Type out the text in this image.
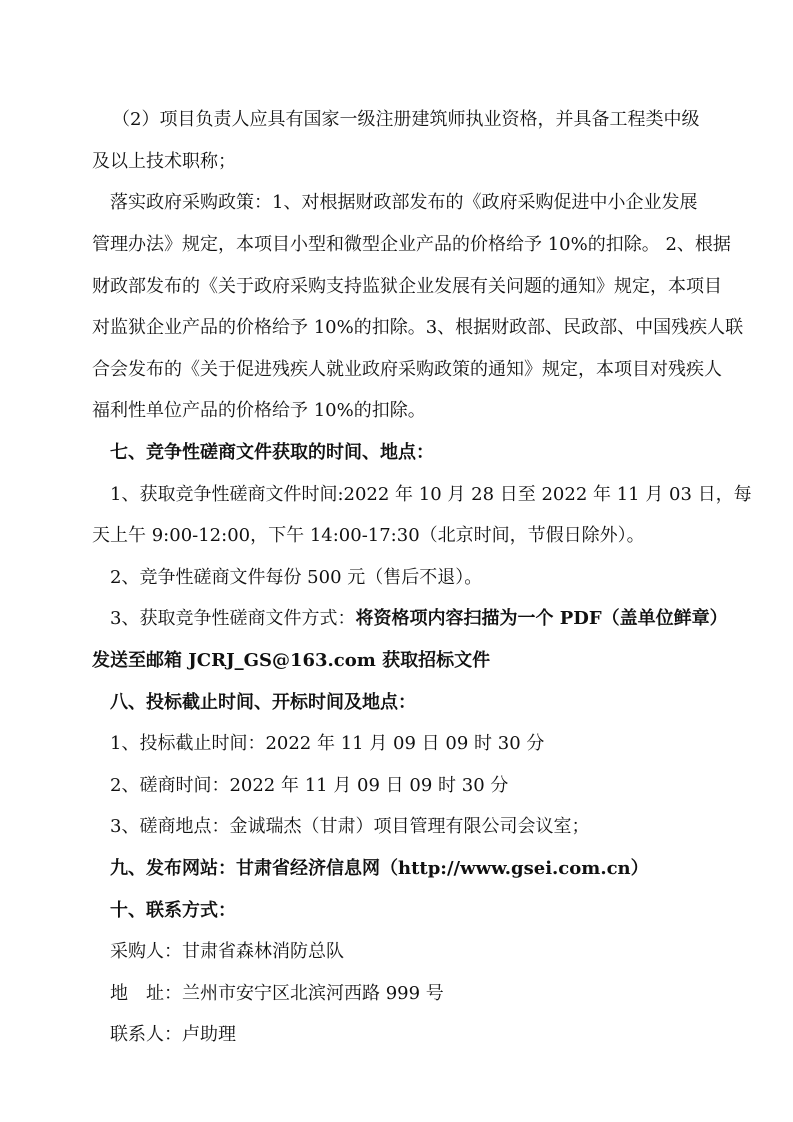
（2）项目负责人应具有国家一级注册建筑师执业资格，并具备工程类中级
及以上技术职称；
落实政府采购政策：1、对根据财政部发布的《政府采购促进中小企业发展
管理办法》规定，本项目小型和微型企业产品的价格给予 10%的扣除。 2、根据
财政部发布的《关于政府采购支持监狱企业发展有关问题的通知》规定，本项目
对监狱企业产品的价格给予 10%的扣除。3、根据财政部、民政部、中国残疾人联
合会发布的《关于促进残疾人就业政府采购政策的通知》规定，本项目对残疾人
福利性单位产品的价格给予 10%的扣除。
七、竞争性磋商文件获取的时间、地点：
1、获取竞争性磋商文件时间:2022 年 10 月 28 日至 2022 年 11 月 03 日，每
天上午 9:00-12:00，下午 14:00-17:30（北京时间，节假日除外）。
2、竞争性磋商文件每份 500 元（售后不退）。
3、获取竞争性磋商文件方式：将资格项内容扫描为一个 PDF（盖单位鲜章）
发送至邮箱 JCRJ_GS@163.com 获取招标文件
八、投标截止时间、开标时间及地点：
1、投标截止时间：2022 年 11 月 09 日 09 时 30 分
2、磋商时间：2022 年 11 月 09 日 09 时 30 分
3、磋商地点：金诚瑞杰（甘肃）项目管理有限公司会议室；
九、发布网站：甘肃省经济信息网（http://www.gsei.com.cn）
十、联系方式：
采购人：甘肃省森林消防总队
地　址：兰州市安宁区北滨河西路 999 号
联系人：卢助理
